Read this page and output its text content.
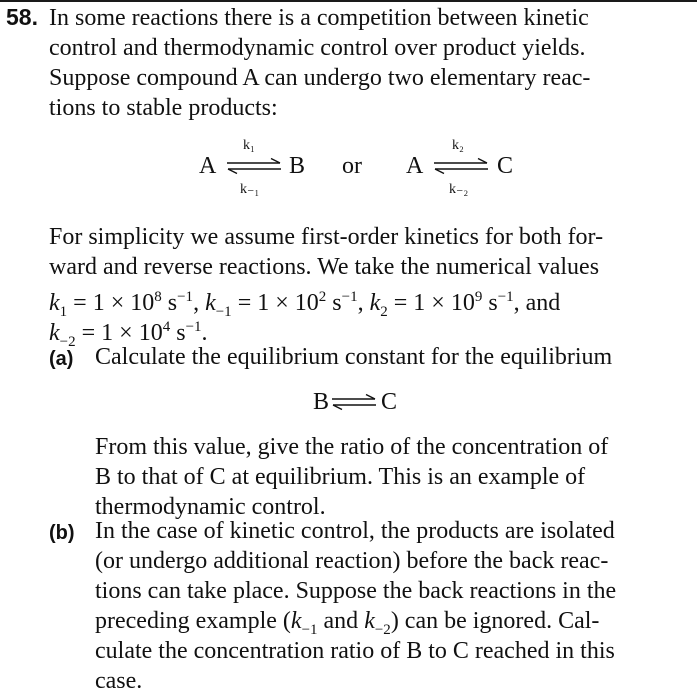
58. In some reactions there is a competition between kinetic
control and thermodynamic control over product yields.
Suppose compound A can undergo two elementary reac-
tions to stable products:
A
k₁
k₋₁
B or A
k₂
k₋₂
C
For simplicity we assume first-order kinetics for both for-
ward and reverse reactions. We take the numerical values
$k_1 = 1 \times 10^8$ $s^{-1}$, $k_{-1} = 1 \times 10^2$ $s^{-1}$, $k_2 = 1 \times 10^9$ $s^{-1}$, and
$k_{-2} = 1 \times 10^4$ $s^{-1}$.
(a) Calculate the equilibrium constant for the equilibrium
B C
From this value, give the ratio of the concentration of
B to that of C at equilibrium. This is an example of
thermodynamic control.
(b) In the case of kinetic control, the products are isolated
(or undergo additional reaction) before the back reac-
tions can take place. Suppose the back reactions in the
preceding example ($k_{-1}$ and $k_{-2}$) can be ignored. Cal-
culate the concentration ratio of B to C reached in this
case.
